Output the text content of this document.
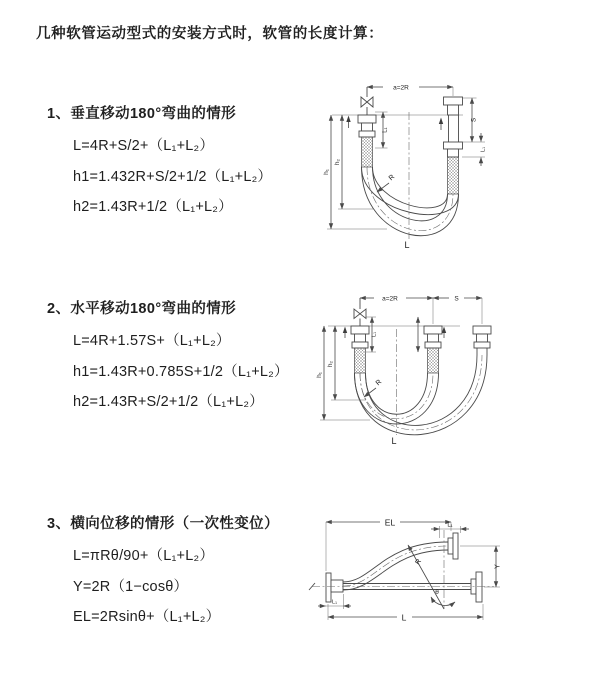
几种软管运动型式的安装方式时，软管的长度计算：
1、垂直移动180°弯曲的情形
L=4R+S/2+（L₁+L₂）
h1=1.432R+S/2+1/2（L₁+L₂）
h2=1.43R+1/2（L₁+L₂）
2、水平移动180°弯曲的情形
L=4R+1.57S+（L₁+L₂）
h1=1.43R+0.785S+1/2（L₁+L₂）
h2=1.43R+S/2+1/2（L₁+L₂）
3、横向位移的情形（一次性变位）
L=πRθ/90+（L₁+L₂）
Y=2R（1−cosθ）
EL=2Rsinθ+（L₁+L₂）
a=2R
L₁
S
L₁
h₁
h₂
R
L
a=2R	S
L₁
h₁
h₂
R
L
EL	L₁
θ
R
Y
L
L₁
